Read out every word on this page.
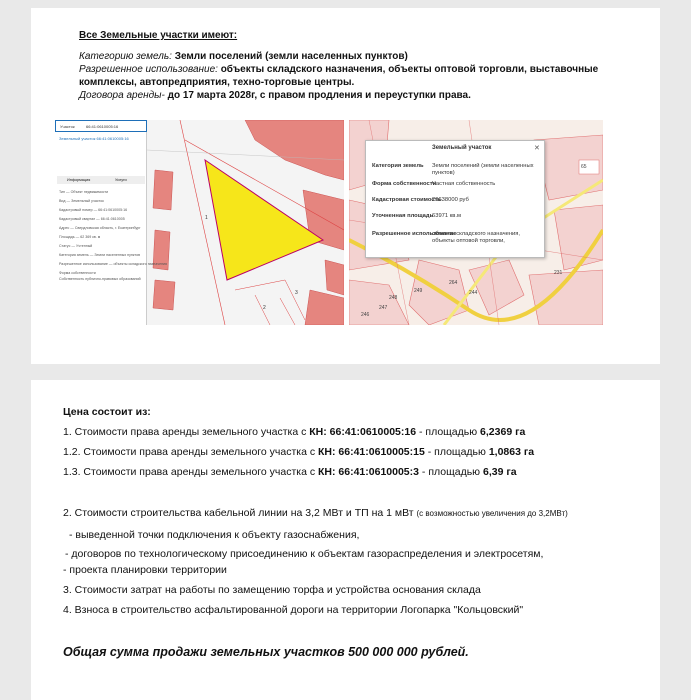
Все Земельные участки имеют:
Категорию земель: Земли поселений (земли населенных пунктов)
Разрешенное использование: объекты складского назначения, объекты оптовой торговли, выставочные
комплексы, автопредприятия, техно-торговые центры.
Договора аренды- до 17 марта 2028г, с правом продления и переуступки права.
Участок	66:41:0610005:16
Земельный участок 66:41:0610005:16
Информация	Услуги
Тип — Объект недвижимости
Вид — Земельный участок
Кадастровый номер — 66:41:0610005:16
Кадастровый квартал — 66:41:0610005
Адрес — Свердловская область, г. Екатеринбург
Площадь — 62 369 кв. м
Статус — Учтенный
Категория земель — Земли населенных пунктов
Разрешенное использование — объекты складского назначения
Форма собственности
Собственность публично-правовых образований
1
2
3
Земельный участок	✕
Категория земель Земли поселений (земли населенных
пунктов)
Форма собственности
Частная собственность
Кадастровая стоимость
29638000 руб
Уточненная площадь
63971 кв.м
Разрешенное использование
объекты складского назначения,
объекты оптовой торговли,
65
248
249
247
246
264
244
231
Цена состоит из:
1. Стоимости права аренды земельного участка с КН: 66:41:0610005:16 - площадью 6,2369 га
1.2. Стоимости права аренды земельного участка с КН: 66:41:0610005:15 - площадью 1,0863 га
1.3. Стоимости права аренды земельного участка с КН: 66:41:0610005:3 - площадью 6,39 га
2. Стоимости строительства кабельной линии на 3,2 МВт и ТП на 1 мВт (с возможностью увеличения до 3,2МВт)
- выведенной точки подключения к объекту газоснабжения,
- договоров по технологическому присоединению к объектам газораспределения и электросетям,
- проекта планировки территории
3. Стоимости затрат на работы по замещению торфа и устройства основания склада
4. Взноса в строительство асфальтированной дороги на территории Логопарка "Кольцовский"
Общая сумма продажи земельных участков 500 000 000 рублей.
